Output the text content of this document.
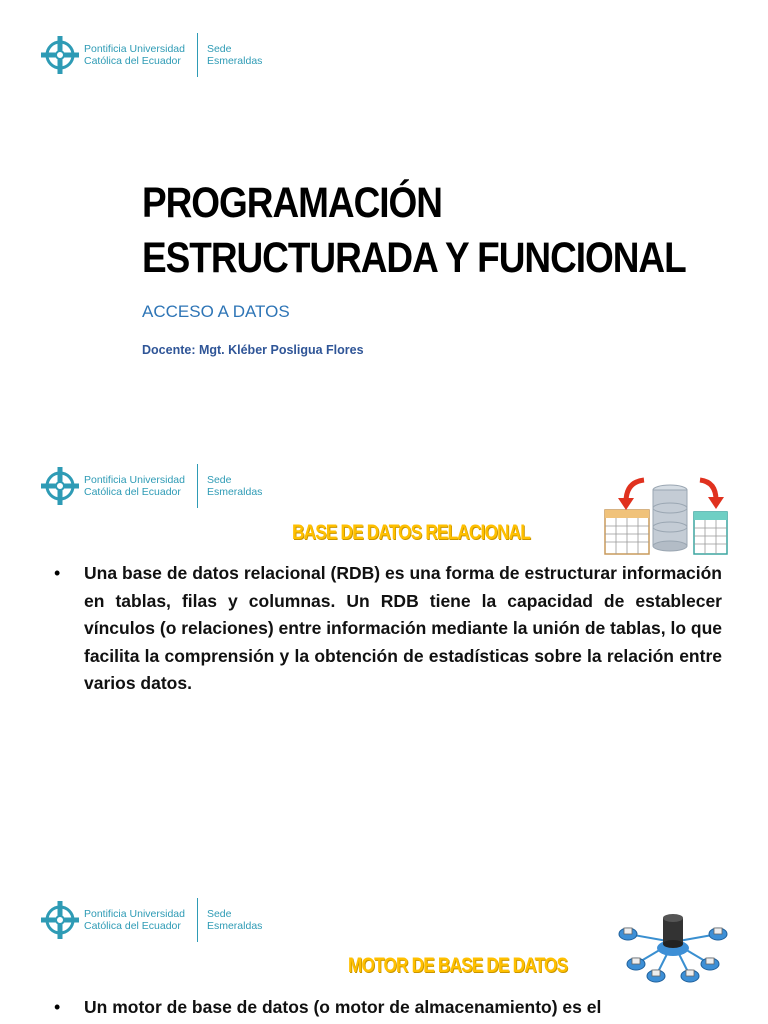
Pontificia Universidad
Católica del Ecuador
Sede
Esmeraldas
PROGRAMACIÓN
ESTRUCTURADA Y FUNCIONAL
ACCESO A DATOS
Docente: Mgt. Kléber Posligua Flores
Pontificia Universidad
Católica del Ecuador
Sede
Esmeraldas
BASE DE DATOS RELACIONAL
•	Una base de datos relacional (RDB) es una forma de estructurar información en tablas, filas y columnas. Un RDB tiene la capacidad de establecer vínculos (o relaciones) entre información mediante la unión de tablas, lo que facilita la comprensión y la obtención de estadísticas sobre la relación entre varios datos.
Pontificia Universidad
Católica del Ecuador
Sede
Esmeraldas
MOTOR DE BASE DE DATOS
•	Un motor de base de datos (o motor de almacenamiento) es el
